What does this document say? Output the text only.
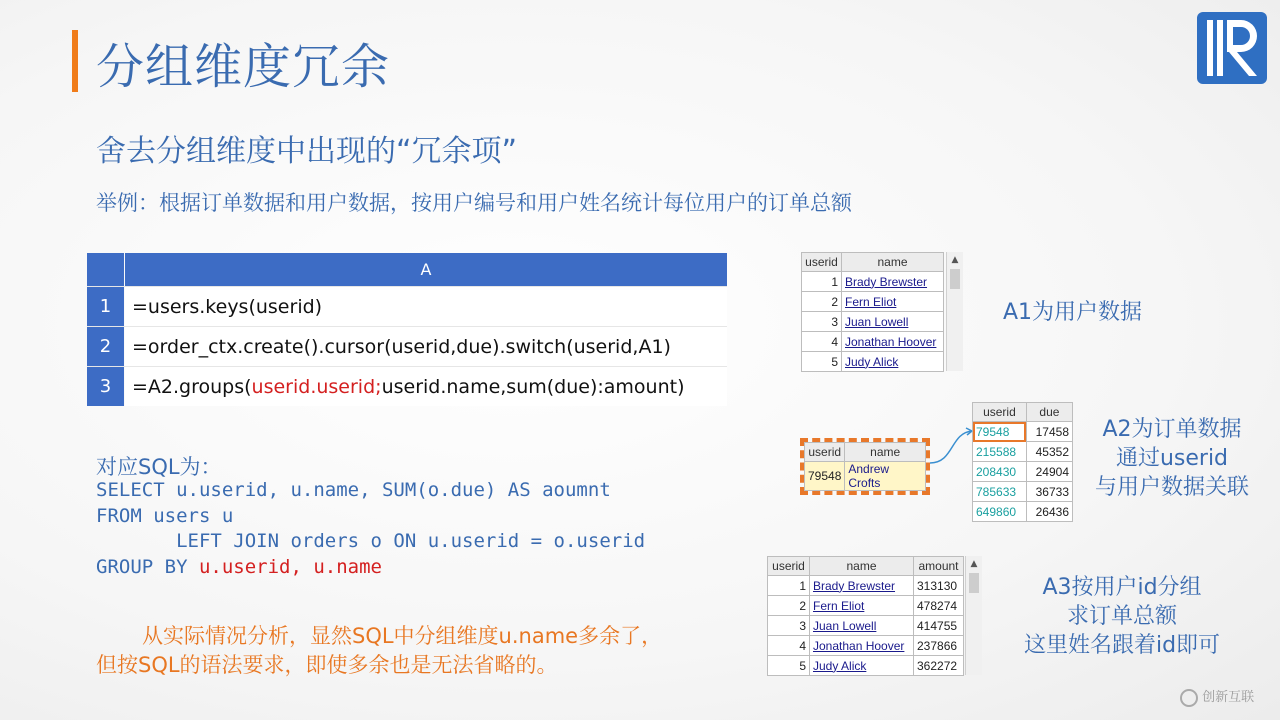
分组维度冗余
舍去分组维度中出现的“冗余项”
举例：根据订单数据和用户数据，按用户编号和用户姓名统计每位用户的订单总额
A
1	=users.keys(userid)
2	=order_ctx.create().cursor(userid,due).switch(userid,A1)
3	=A2.groups( userid.userid; userid.name,sum(due):amount)
对应SQL为：
SELECT u.userid, u.name, SUM(o.due) AS aoumnt
FROM users u
LEFT JOIN orders o ON u.userid = o.userid
GROUP BY u.userid, u.name
从实际情况分析，显然SQL中分组维度u.name多余了，
但按SQL的语法要求，即使多余也是无法省略的。
userid	name
1	Brady Brewster
2	Fern Eliot
3	Juan Lowell
4	Jonathan Hoover
5	Judy Alick
▲
A1为用户数据
userid	due
79548	17458
215588	45352
208430	24904
785633	36733
649860	26436
userid	name
79548	Andrew Crofts
A2为订单数据
通过userid
与用户数据关联
userid	name	amount
1	Brady Brewster	313130
2	Fern Eliot	478274
3	Juan Lowell	414755
4	Jonathan Hoover	237866
5	Judy Alick	362272
▲
A3按用户id分组
求订单总额
这里姓名跟着id即可
创新互联
